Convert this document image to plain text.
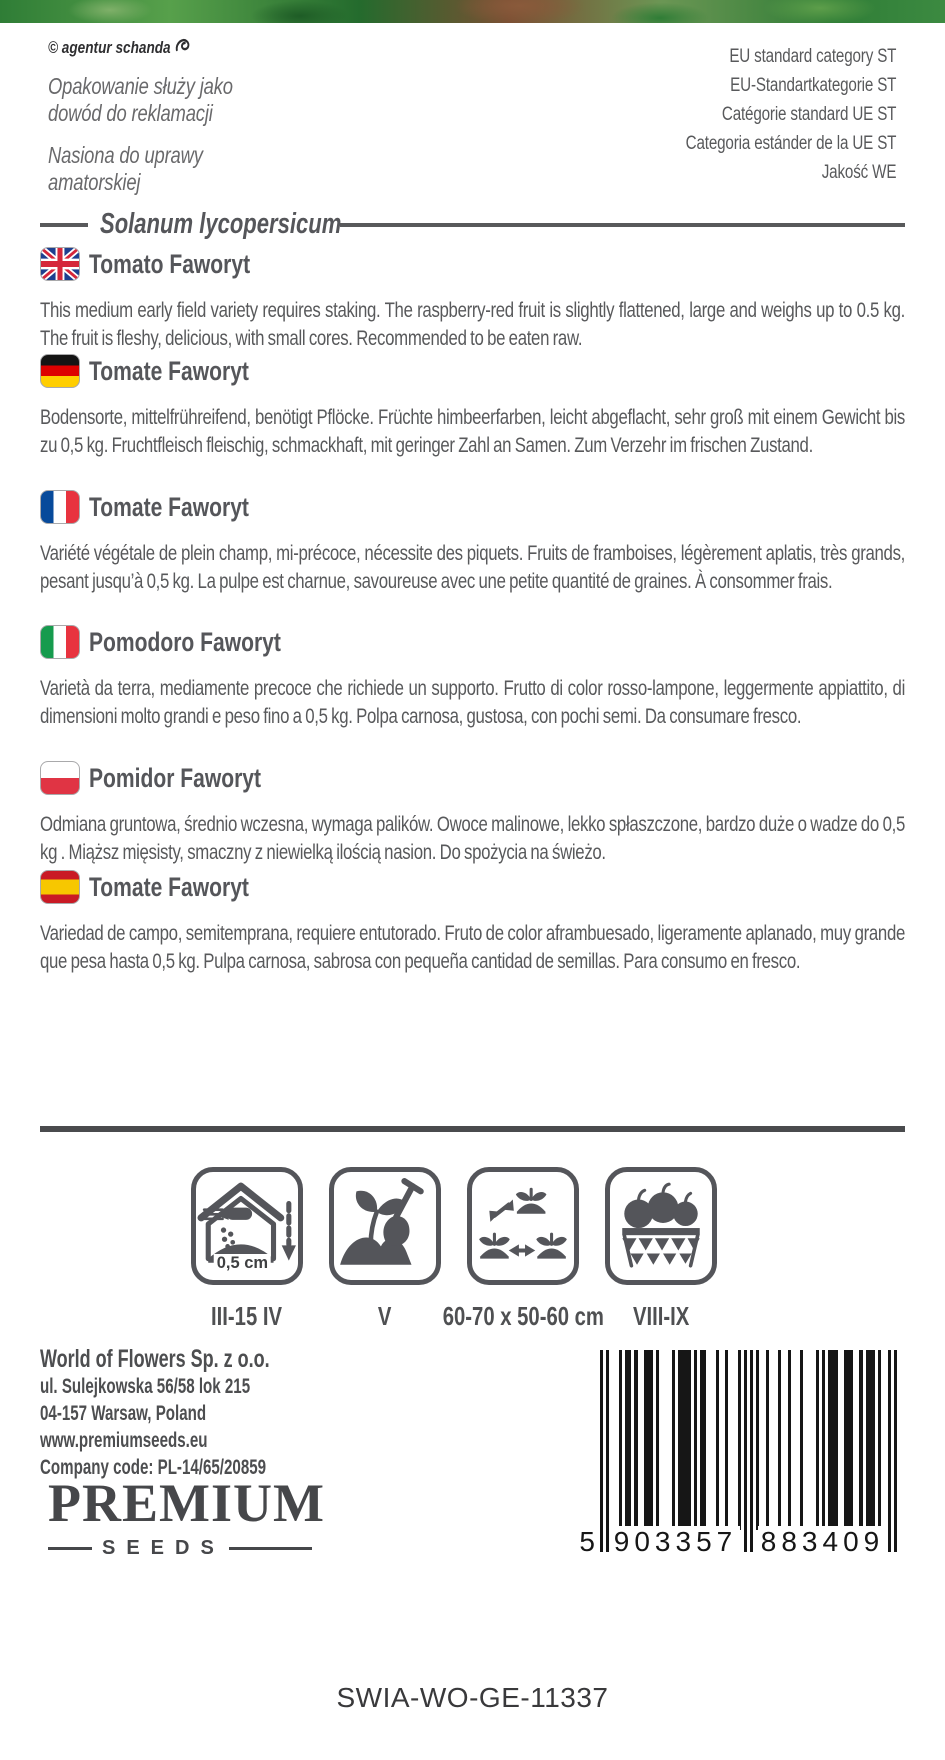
© agentur schanda
Opakowanie służy jako dowód do reklamacji
Nasiona do uprawy amatorskiej
EU standard category ST
EU-Standartkategorie ST
Catégorie standard UE ST
Categoria estánder de la UE ST
Jakość WE
Solanum lycopersicum
Tomato Faworyt
This medium early field variety requires staking. The raspberry-red fruit is slightly flattened, large and weighs up to 0.5 kg. The fruit is fleshy, delicious, with small cores. Recommended to be eaten raw.
Tomate Faworyt
Bodensorte, mittelfrühreifend, benötigt Pflöcke. Früchte himbeerfarben, leicht abgeflacht, sehr groß mit einem Gewicht bis zu 0,5 kg. Fruchtfleisch fleischig, schmackhaft, mit geringer Zahl an Samen. Zum Verzehr im frischen Zustand.
Tomate Faworyt
Variété végétale de plein champ, mi-précoce, nécessite des piquets. Fruits de framboises, légèrement aplatis, très grands, pesant jusqu’à 0,5 kg. La pulpe est charnue, savoureuse avec une petite quantité de graines. À consommer frais.
Pomodoro Faworyt
Varietà da terra, mediamente precoce che richiede un supporto. Frutto di color rosso-lampone, leggermente appiattito, di dimensioni molto grandi e peso fino a 0,5 kg. Polpa carnosa, gustosa, con pochi semi. Da consumare fresco.
Pomidor Faworyt
Odmiana gruntowa, średnio wczesna, wymaga palików. Owoce malinowe, lekko spłaszczone, bardzo duże o wadze do 0,5 kg . Miąższ mięsisty, smaczny z niewielką ilością nasion. Do spożycia na świeżo.
Tomate Faworyt
Variedad de campo, semitemprana, requiere entutorado. Fruto de color aframbuesado, ligeramente aplanado, muy grande que pesa hasta 0,5 kg. Pulpa carnosa, sabrosa con pequeña cantidad de semillas. Para consumo en fresco.
0,5 cm
III-15 IV	V 60-70 x 50-60 cm VIII-IX
World of Flowers Sp. z o.o.
ul. Sulejkowska 56/58 lok 215
04-157 Warsaw, Poland
www.premiumseeds.eu
Company code: PL-14/65/20859
PREMIUM
SEEDS	5 903357 883409
SWIA-WO-GE-11337
